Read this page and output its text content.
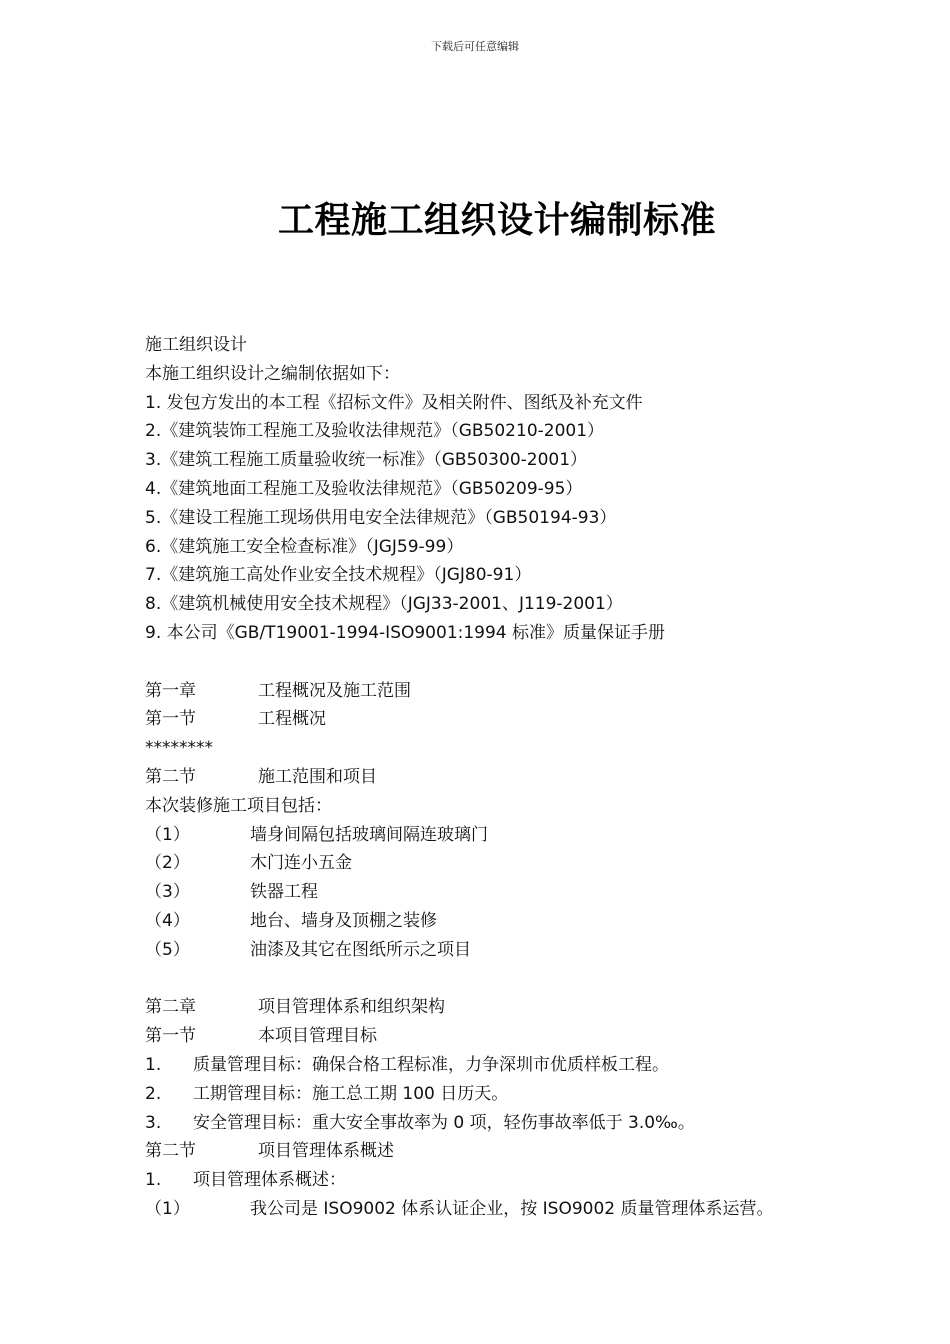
下载后可任意编辑
工程施工组织设计编制标准
施工组织设计
本施工组织设计之编制依据如下：
1. 发包方发出的本工程《招标文件》及相关附件、图纸及补充文件
2.《建筑装饰工程施工及验收法律规范》（GB50210-2001）
3.《建筑工程施工质量验收统一标准》（GB50300-2001）
4.《建筑地面工程施工及验收法律规范》（GB50209-95）
5.《建设工程施工现场供用电安全法律规范》（GB50194-93）
6.《建筑施工安全检查标准》（JGJ59-99）
7.《建筑施工高处作业安全技术规程》（JGJ80-91）
8.《建筑机械使用安全技术规程》（JGJ33-2001、J119-2001）
9. 本公司《GB/T19001-1994-ISO9001:1994 标准》质量保证手册
第一章	工程概况及施工范围
第一节	工程概况
********
第二节	施工范围和项目
本次装修施工项目包括：
（1）	墙身间隔包括玻璃间隔连玻璃门
（2）	木门连小五金
（3）	铁器工程
（4）	地台、墙身及顶棚之装修
（5）	油漆及其它在图纸所示之项目
第二章	项目管理体系和组织架构
第一节	本项目管理目标
1. 质量管理目标：确保合格工程标准，力争深圳市优质样板工程。
2. 工期管理目标：施工总工期 100 日历天。
3. 安全管理目标：重大安全事故率为 0 项，轻伤事故率低于 3.0‰。
第二节	项目管理体系概述
1. 项目管理体系概述：
（1）	我公司是 ISO9002 体系认证企业，按 ISO9002 质量管理体系运营。
